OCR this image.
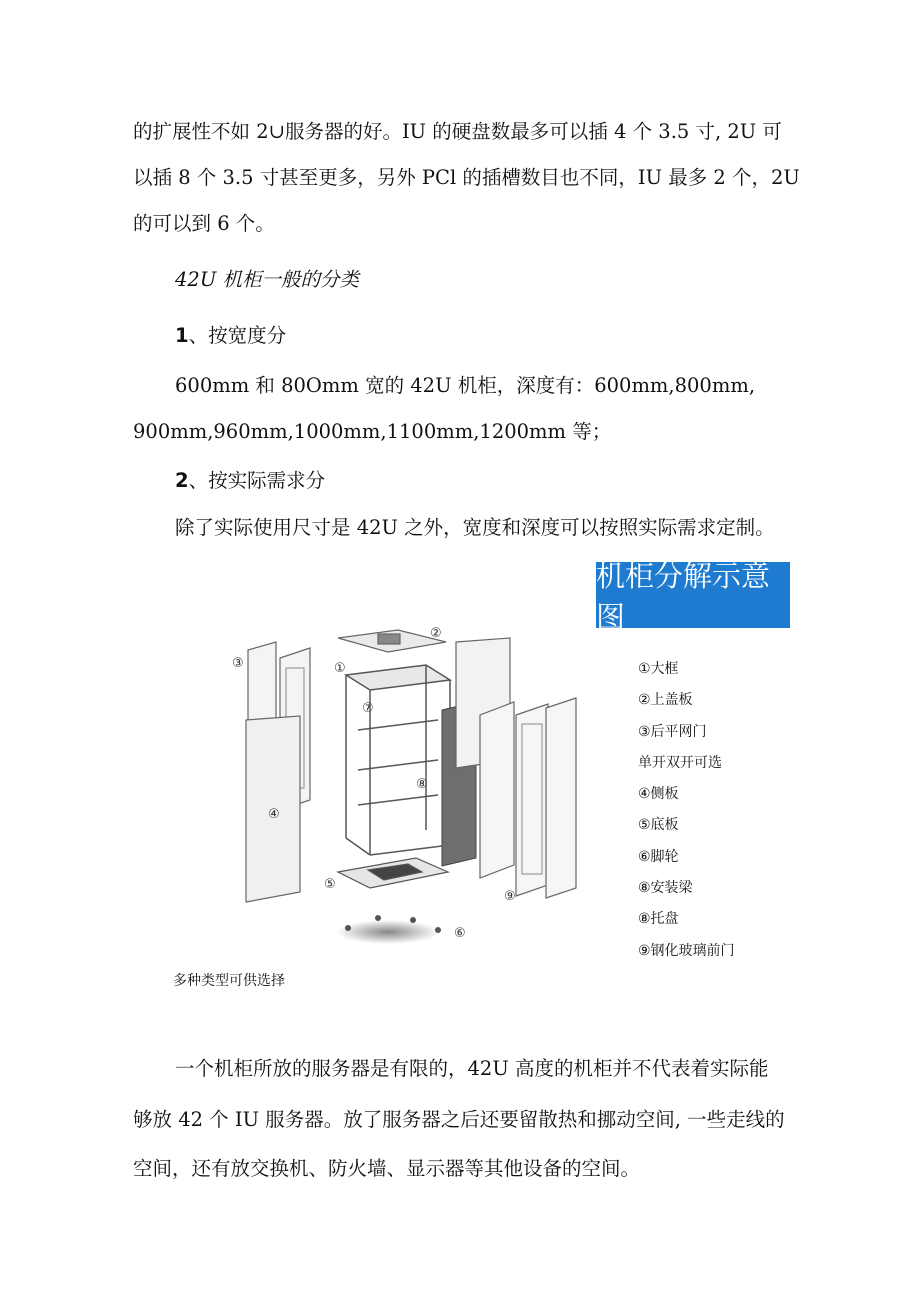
的扩展性不如 2∪服务器的好。IU 的硬盘数最多可以插 4 个 3.5 寸, 2U 可
以插 8 个 3.5 寸甚至更多，另外 PCl 的插槽数目也不同，IU 最多 2 个，2U
的可以到 6 个。
42U 机柜一般的分类
1、按宽度分
600mm 和 80Omm 宽的 42U 机柜，深度有：600mm,800mm,
900mm,960mm,1000mm,1100mm,1200mm 等；
2、按实际需求分
除了实际使用尺寸是 42U 之外，宽度和深度可以按照实际需求定制。
机柜分解示意图
②
③	①
⑦
⑧
④
⑤
⑨
⑥
①大框
②上盖板
③后平网门
单开双开可选
④侧板
⑤底板
⑥脚轮
⑧安装梁
⑧托盘
⑨钢化玻璃前门
多种类型可供选择
一个机柜所放的服务器是有限的，42U 高度的机柜并不代表着实际能
够放 42 个 IU 服务器。放了服务器之后还要留散热和挪动空间, 一些走线的
空间，还有放交换机、防火墙、显示器等其他设备的空间。
